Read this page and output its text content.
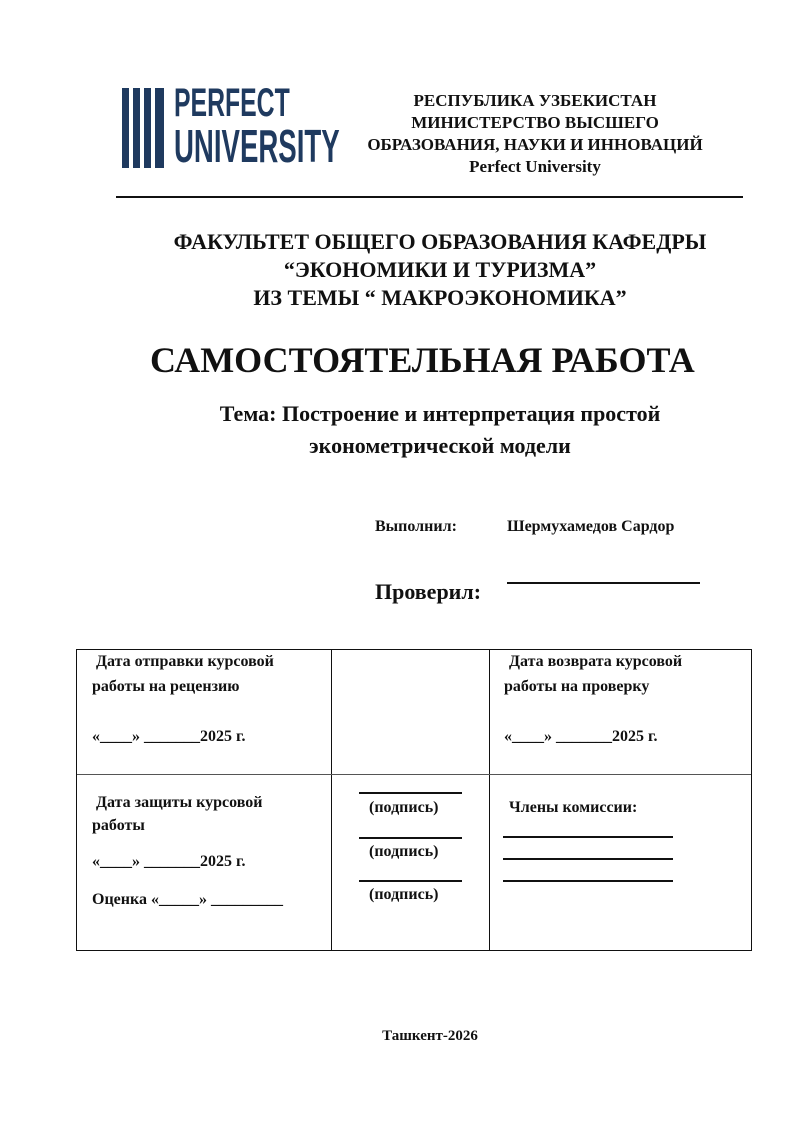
PERFECT
UNIVERSITY
РЕСПУБЛИКА УЗБЕКИСТАН
МИНИСТЕРСТВО ВЫСШЕГО
ОБРАЗОВАНИЯ, НАУКИ И ИННОВАЦИЙ
Perfect University
ФАКУЛЬТЕТ ОБЩЕГО ОБРАЗОВАНИЯ КАФЕДРЫ
“ЭКОНОМИКИ И ТУРИЗМА”
ИЗ ТЕМЫ “ МАКРОЭКОНОМИКА”
САМОСТОЯТЕЛЬНАЯ РАБОТА
Тема: Построение и интерпретация простой
эконометрической модели
Выполнил:	Шермухамедов Сардор
Проверил:
Дата отправки курсовой
работы на рецензию
«____» _______2025 г.
Дата возврата курсовой
работы на проверку
«____» _______2025 г.
Дата защиты курсовой
работы
«____» _______2025 г.
Оценка «_____» _________
(подпись)
(подпись)
(подпись)
Члены комиссии:
Ташкент-2026
